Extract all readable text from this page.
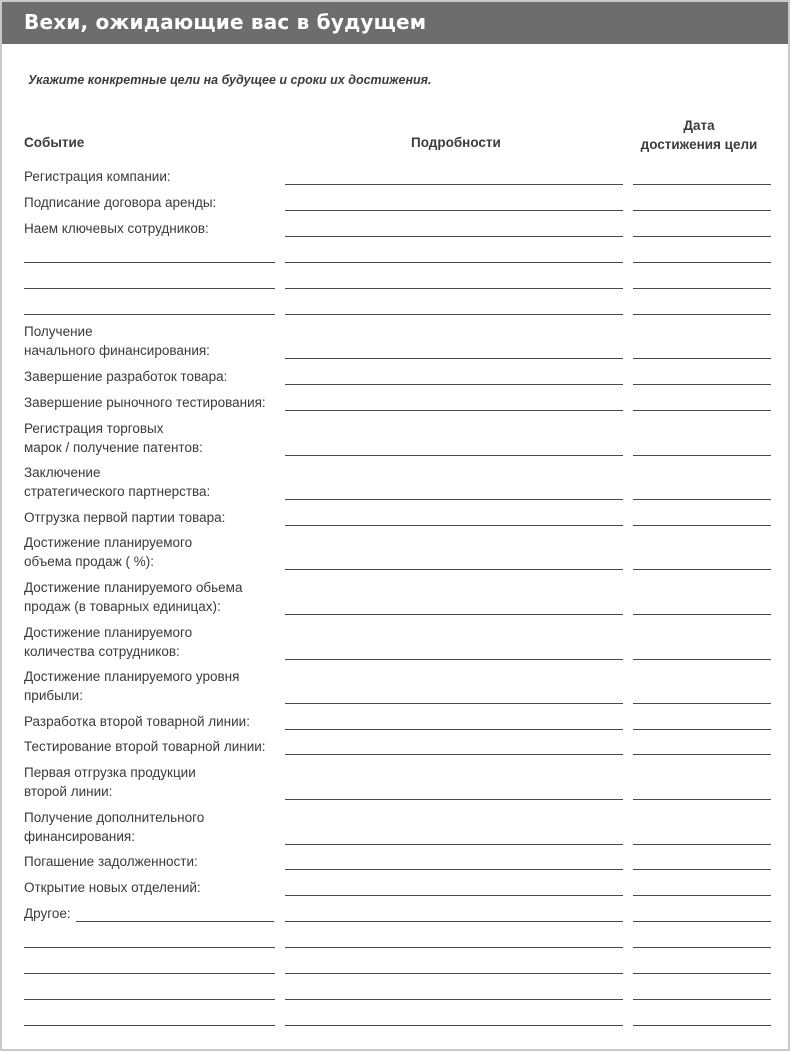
Вехи, ожидающие вас в будущем
Укажите конкретные цели на будущее и сроки их достижения.
Событие	Подробности
Дата
достижения цели
Регистрация компании:
Подписание договора аренды:
Наем ключевых сотрудников:
Получение
начального финансирования:
Завершение разработок товара:
Завершение рыночного тестирования:
Регистрация торговых
марок / получение патентов:
Заключение
стратегического партнерства:
Отгрузка первой партии товара:
Достижение планируемого
объема продаж ( %):
Достижение планируемого обьема
продаж (в товарных единицах):
Достижение планируемого
количества сотрудников:
Достижение планируемого уровня
прибыли:
Разработка второй товарной линии:
Тестирование второй товарной линии:
Первая отгрузка продукции
второй линии:
Получение дополнительного
финансирования:
Погашение задолженности:
Открытие новых отделений:
Другое:
